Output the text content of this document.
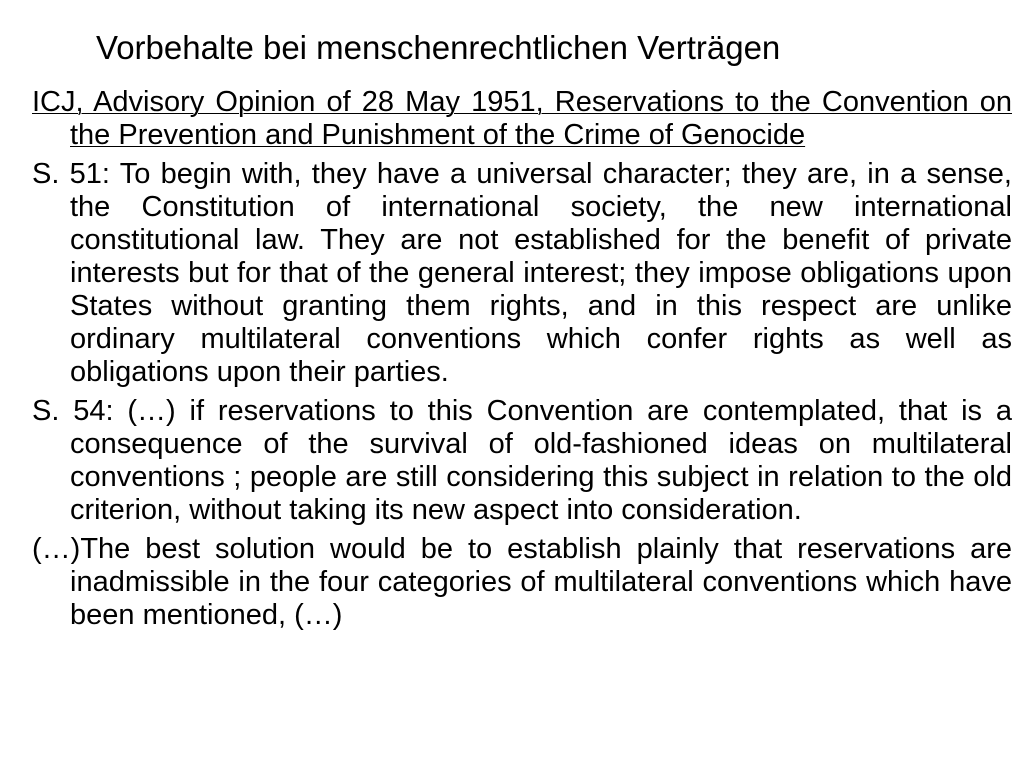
Vorbehalte bei menschenrechtlichen Verträgen

ICJ, Advisory Opinion of 28 May 1951, Reservations to the Convention on the Prevention and Punishment of the Crime of Genocide

S. 51: To begin with, they have a universal character; they are, in a sense, the Constitution of international society, the new international constitutional law. They are not established for the benefit of private interests but for that of the general interest; they impose obligations upon States without granting them rights, and in this respect are unlike ordinary multilateral conventions which confer rights as well as obligations upon their parties.

S. 54: (…) if reservations to this Convention are contemplated, that is a consequence of the survival of old-fashioned ideas on multilateral conventions ; people are still considering this subject in relation to the old criterion, without taking its new aspect into consideration.

(…)The best solution would be to establish plainly that reservations are inadmissible in the four categories of multilateral conventions which have been mentioned, (…)
